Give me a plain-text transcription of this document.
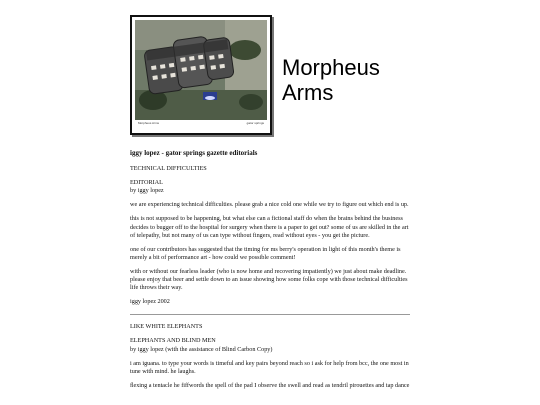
Morpheus Arms	gator springs
Morpheus
Arms

iggy lopez - gator springs gazette editorials

TECHNICAL DIFFICULTIES

EDITORIAL
by iggy lopez

we are experiencing technical difficulties. please grab a nice cold one while we try to figure out which end is up.

this is not supposed to be happening, but what else can a fictional staff do when the brains behind the business decides to bugger off to the hospital for surgery when there is a paper to get out? some of us are skilled in the art of telepathy, but not many of us can type without fingers, read without eyes - you get the picture.

one of our contributors has suggested that the timing for ms berry's operation in light of this month's theme is merely a bit of performance art - how could we possible comment!

with or without our fearless leader (who is now home and recovering impatiently) we just about make deadline. please enjoy that beer and settle down to an issue showing how some folks cope with those technical difficulties life throws their way.

iggy lopez 2002

LIKE WHITE ELEPHANTS

ELEPHANTS AND BLIND MEN
by iggy lopez (with the assistance of Blind Carbon Copy)

i am iguana. to type your words is timeful and key pairs beyond reach so i ask for help from bcc, the one most in tune with mind. he laughs.

ﬂexing a tentacle he fiffwords the spell of the pad I observe the swell and read as tendril pirouettes and tap dance
